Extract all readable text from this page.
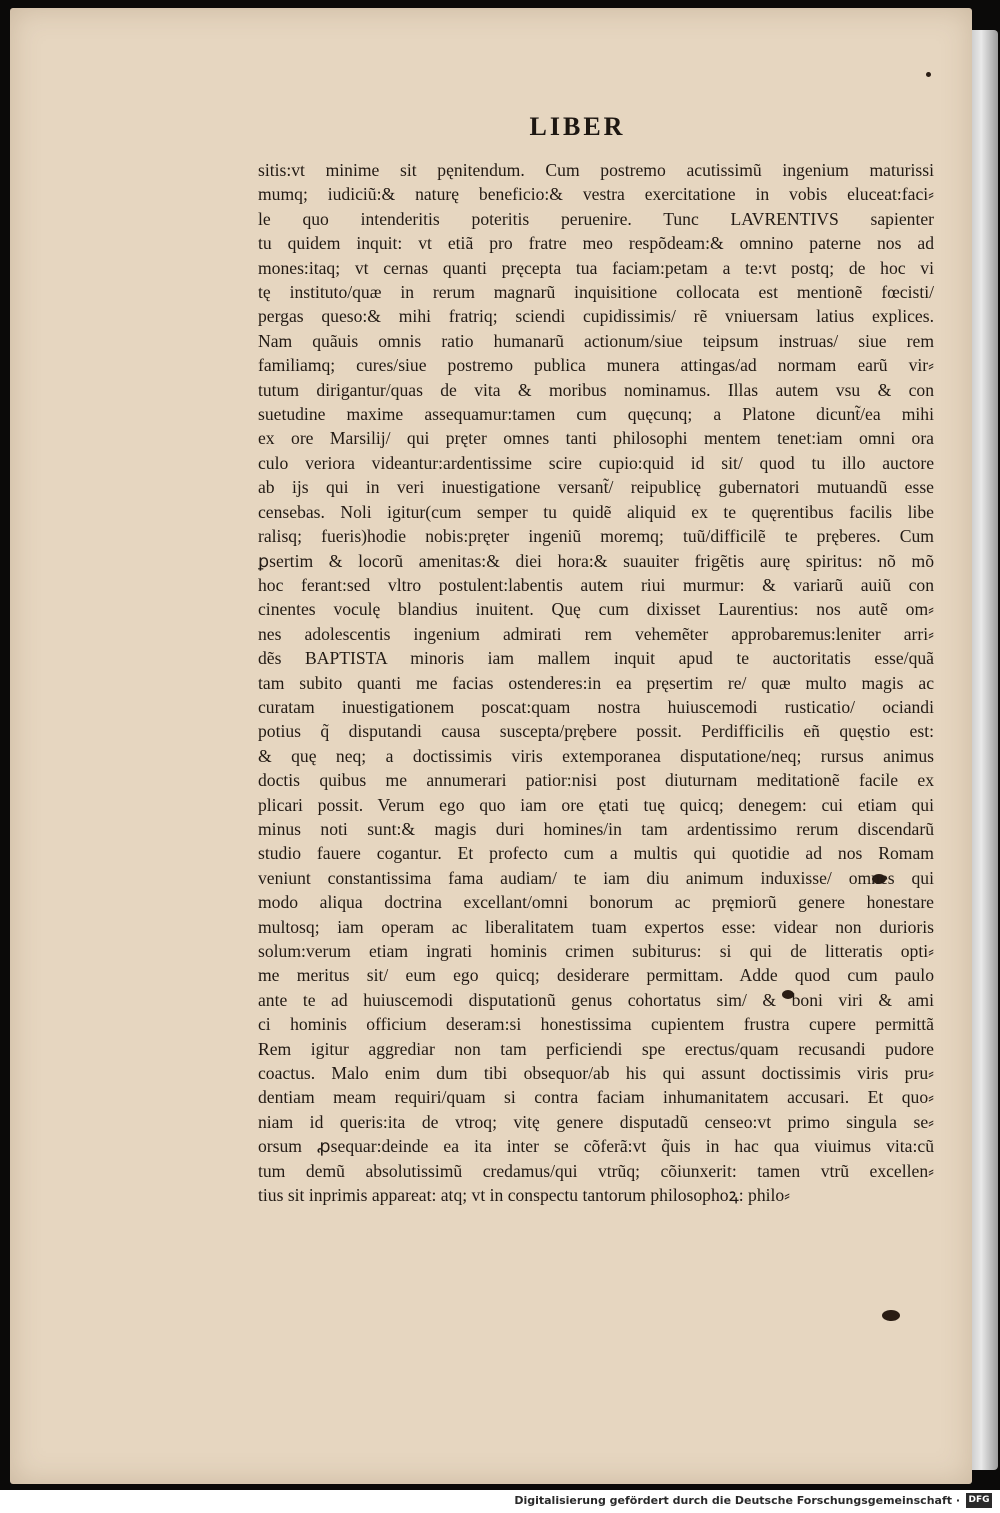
LIBER
sitis:vt minime sit pęnitendum. Cum postremo acutissimũ ingenium maturissi
mumq; iudiciũ:& naturę beneficio:& vestra exercitatione in vobis eluceat:faci⸗
le quo intenderitis poteritis peruenire. Tunc LAVRENTIVS sapienter
tu quidem inquit: vt etiã pro fratre meo respõdeam:& omnino paterne nos ad
mones:itaq; vt cernas quanti pręcepta tua faciam:petam a te:vt postq; de hoc vi
tę instituto/quæ in rerum magnarũ inquisitione collocata est mentionẽ fœcisti/
pergas queso:& mihi fratriq; sciendi cupidissimis/ rẽ vniuersam latius explices.
Nam quãuis omnis ratio humanarũ actionum/siue teipsum instruas/ siue rem
familiamq; cures/siue postremo publica munera attingas/ad normam earũ vir⸗
tutum dirigantur/quas de vita & moribus nominamus. Illas autem vsu & con
suetudine maxime assequamur:tamen cum quęcunq; a Platone dicunt̃/ea mihi
ex ore Marsilij/ qui pręter omnes tanti philosophi mentem tenet:iam omni ora
culo veriora videantur:ardentissime scire cupio:quid id sit/ quod tu illo auctore
ab ijs qui in veri inuestigatione versant̃/ reipublicę gubernatori mutuandũ esse
censebas. Noli igitur(cum semper tu quidẽ aliquid ex te quęrentibus facilis libe
ralisq; fueris)hodie nobis:pręter ingeniũ moremq; tuũ/difficilẽ te pręberes. Cum
ꝑsertim & locorũ amenitas:& diei hora:& suauiter frigẽtis aurę spiritus: nõ mõ
hoc ferant:sed vltro postulent:labentis autem riui murmur: & variarũ auiũ con
cinentes voculę blandius inuitent. Quę cum dixisset Laurentius: nos autẽ om⸗
nes adolescentis ingenium admirati rem vehemẽter approbaremus:leniter arri⸗
dẽs BAPTISTA minoris iam mallem inquit apud te auctoritatis esse/quã
tam subito quanti me facias ostenderes:in ea pręsertim re/ quæ multo magis ac
curatam inuestigationem poscat:quam nostra huiuscemodi rusticatio/ ociandi
potius q̃ disputandi causa suscepta/prębere possit. Perdifficilis eñ quęstio est:
& quę neq; a doctissimis viris extemporanea disputatione/neq; rursus animus
doctis quibus me annumerari patior:nisi post diuturnam meditationẽ facile ex
plicari possit. Verum ego quo iam ore ętati tuę quicq; denegem: cui etiam qui
minus noti sunt:& magis duri homines/in tam ardentissimo rerum discendarũ
studio fauere cogantur. Et profecto cum a multis qui quotidie ad nos Romam
veniunt constantissima fama audiam/ te iam diu animum induxisse/ omnes qui
modo aliqua doctrina excellant/omni bonorum ac pręmiorũ genere honestare
multosq; iam operam ac liberalitatem tuam expertos esse: videar non durioris
solum:verum etiam ingrati hominis crimen subiturus: si qui de litteratis opti⸗
me meritus sit/ eum ego quicq; desiderare permittam. Adde quod cum paulo
ante te ad huiuscemodi disputationũ genus cohortatus sim/ & boni viri & ami
ci hominis officium deseram:si honestissima cupientem frustra cupere permittã
Rem igitur aggrediar non tam perficiendi spe erectus/quam recusandi pudore
coactus. Malo enim dum tibi obsequor/ab his qui assunt doctissimis viris pru⸗
dentiam meam requiri/quam si contra faciam inhumanitatem accusari. Et quo⸗
niam id queris:ita de vtroq; vitę genere disputadũ censeo:vt primo singula se⸗
orsum ꝓsequar:deinde ea ita inter se cõferã:vt q̃uis in hac qua viuimus vita:cũ
tum demũ absolutissimũ credamus/qui vtrũq; cõiunxerit: tamen vtrũ excellen⸗
tius sit inprimis appareat: atq; vt in conspectu tantorum philosophoꝝ: philo⸗

Digitalisierung gefördert durch die Deutsche Forschungsgemeinschaft · DFG
